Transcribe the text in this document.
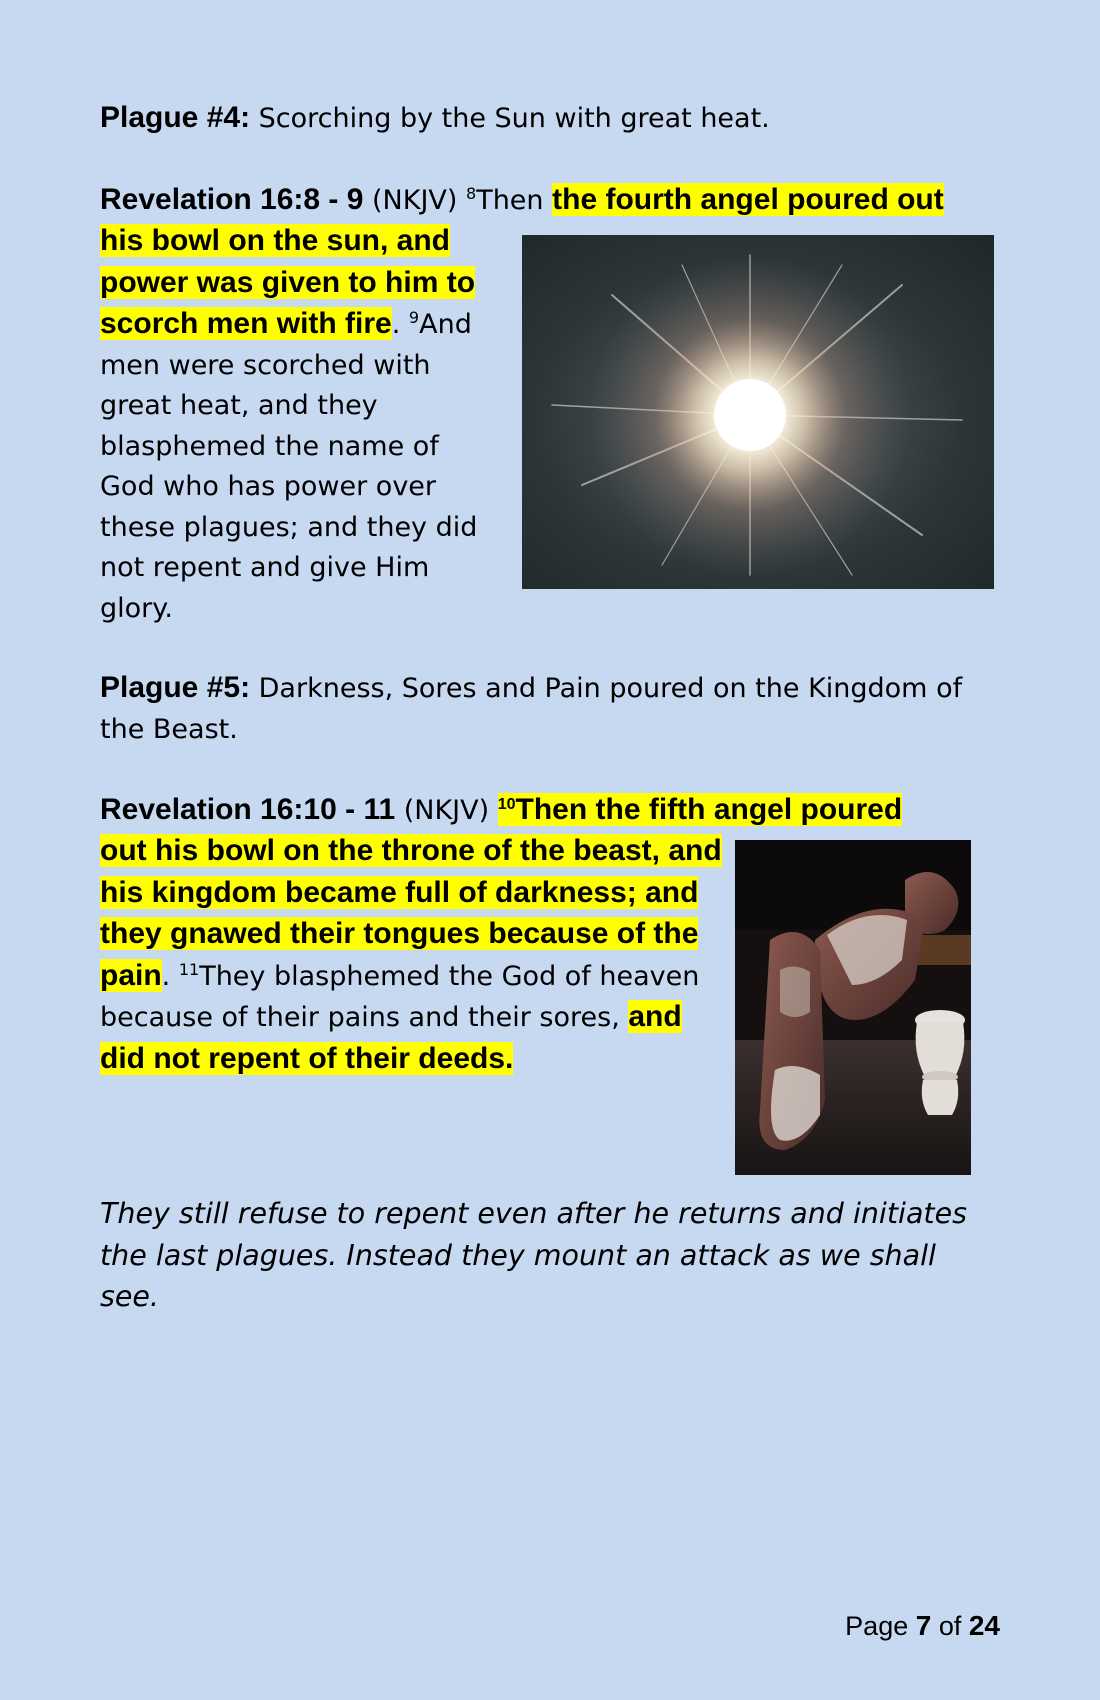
Plague #4: Scorching by the Sun with great heat.

Revelation 16:8 - 9 (NKJV) $^8$Then the fourth angel poured out

his bowl on the sun, and power was given to him to scorch men with fire. $^9$And men were scorched with great heat, and they blasphemed the name of God who has power over these plagues; and they did not repent and give Him glory.

Plague #5: Darkness, Sores and Pain poured on the Kingdom of the Beast.

Revelation 16:10 - 11 (NKJV) $^{10}$Then the fifth angel poured

out his bowl on the throne of the beast, and his kingdom became full of darkness; and they gnawed their tongues because of the pain. $^{11}$They blasphemed the God of heaven because of their pains and their sores, and did not repent of their deeds.

They still refuse to repent even after he returns and initiates the last plagues. Instead they mount an attack as we shall see.
Page 7 of 24
